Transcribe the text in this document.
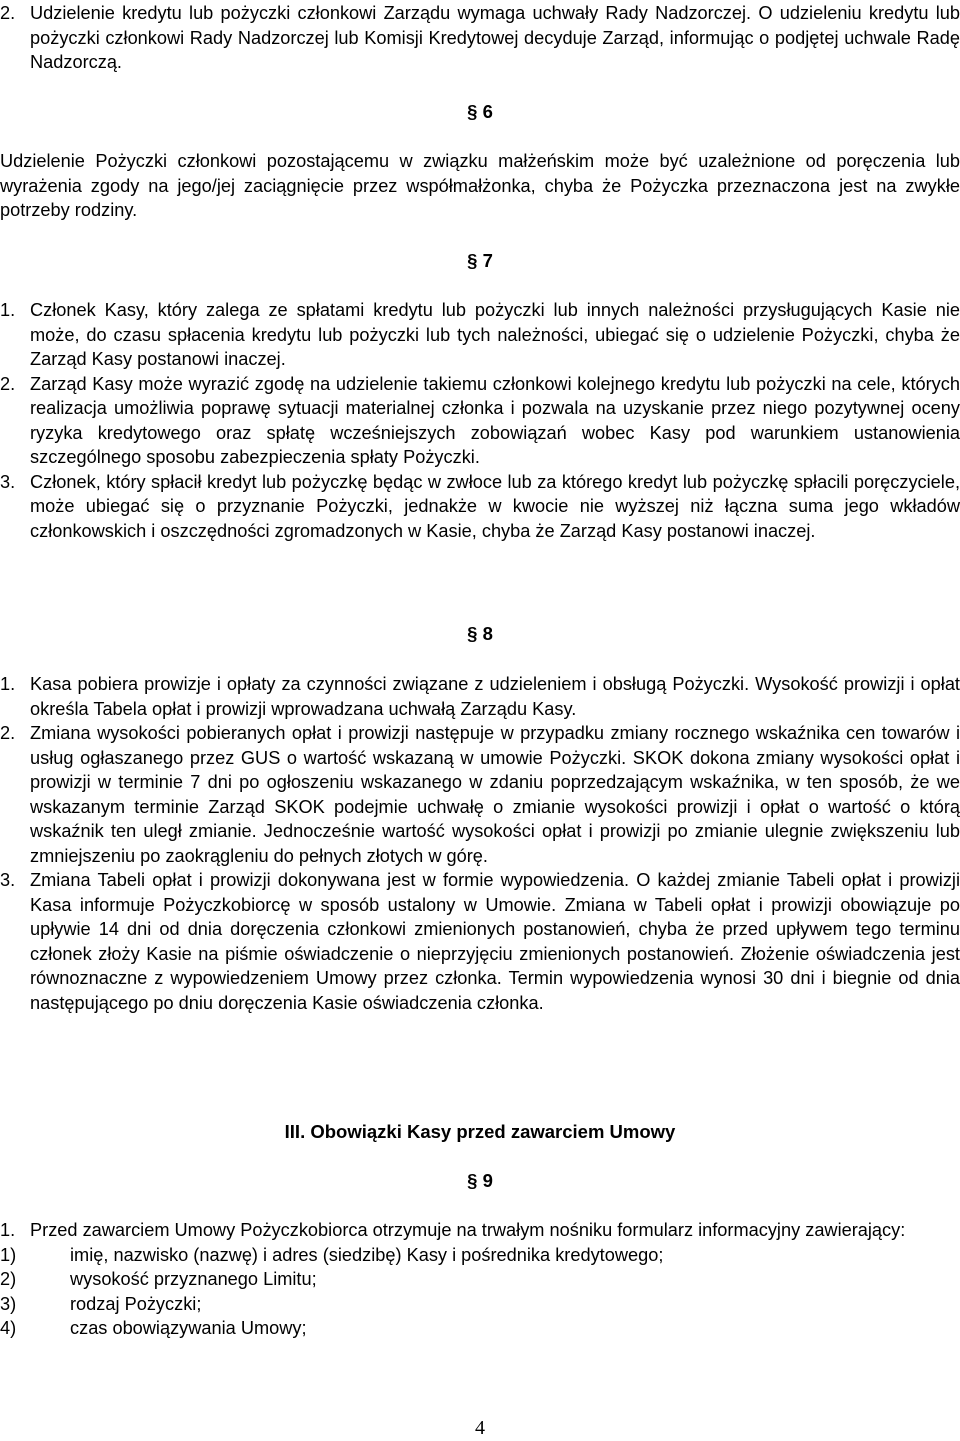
2. Udzielenie kredytu lub pożyczki członkowi Zarządu wymaga uchwały Rady Nadzorczej. O udzieleniu kredytu lub pożyczki członkowi Rady Nadzorczej lub Komisji Kredytowej decyduje Zarząd, informując o podjętej uchwale Radę Nadzorczą.
§ 6
Udzielenie Pożyczki członkowi pozostającemu w związku małżeńskim może być uzależnione od poręczenia lub wyrażenia zgody na jego/jej zaciągnięcie przez współmałżonka, chyba że Pożyczka przeznaczona jest na zwykłe potrzeby rodziny.
§ 7
1. Członek Kasy, który zalega ze spłatami kredytu lub pożyczki lub innych należności przysługujących Kasie nie może, do czasu spłacenia kredytu lub pożyczki lub tych należności, ubiegać się o udzielenie Pożyczki, chyba że Zarząd Kasy postanowi inaczej.
2. Zarząd Kasy może wyrazić zgodę na udzielenie takiemu członkowi kolejnego kredytu lub pożyczki na cele, których realizacja umożliwia poprawę sytuacji materialnej członka i pozwala na uzyskanie przez niego pozytywnej oceny ryzyka kredytowego oraz spłatę wcześniejszych zobowiązań wobec Kasy pod warunkiem ustanowienia szczególnego sposobu zabezpieczenia spłaty Pożyczki.
3. Członek, który spłacił kredyt lub pożyczkę będąc w zwłoce lub za którego kredyt lub pożyczkę spłacili poręczyciele, może ubiegać się o przyznanie Pożyczki, jednakże w kwocie nie wyższej niż łączna suma jego wkładów członkowskich i oszczędności zgromadzonych w Kasie, chyba że Zarząd Kasy postanowi inaczej.
§ 8
1. Kasa pobiera prowizje i opłaty za czynności związane z udzieleniem i obsługą Pożyczki. Wysokość prowizji i opłat określa Tabela opłat i prowizji wprowadzana uchwałą Zarządu Kasy.
2. Zmiana wysokości pobieranych opłat i prowizji następuje w przypadku zmiany rocznego wskaźnika cen towarów i usług ogłaszanego przez GUS o wartość wskazaną w umowie Pożyczki. SKOK dokona zmiany wysokości opłat i prowizji w terminie 7 dni po ogłoszeniu wskazanego w zdaniu poprzedzającym wskaźnika, w ten sposób, że we wskazanym terminie Zarząd SKOK podejmie uchwałę o zmianie wysokości prowizji i opłat o wartość o którą wskaźnik ten uległ zmianie. Jednocześnie wartość wysokości opłat i prowizji po zmianie ulegnie zwiększeniu lub zmniejszeniu po zaokrągleniu do pełnych złotych w górę.
3. Zmiana Tabeli opłat i prowizji dokonywana jest w formie wypowiedzenia. O każdej zmianie Tabeli opłat i prowizji Kasa informuje Pożyczkobiorcę w sposób ustalony w Umowie. Zmiana w Tabeli opłat i prowizji obowiązuje po upływie 14 dni od dnia doręczenia członkowi zmienionych postanowień, chyba że przed upływem tego terminu członek złoży Kasie na piśmie oświadczenie o nieprzyjęciu zmienionych postanowień. Złożenie oświadczenia jest równoznaczne z wypowiedzeniem Umowy przez członka. Termin wypowiedzenia wynosi 30 dni i biegnie od dnia następującego po dniu doręczenia Kasie oświadczenia członka.
III. Obowiązki Kasy przed zawarciem Umowy
§ 9
1. Przed zawarciem Umowy Pożyczkobiorca otrzymuje na trwałym nośniku formularz informacyjny zawierający:
1)	imię, nazwisko (nazwę) i adres (siedzibę) Kasy i pośrednika kredytowego;
2)	wysokość przyznanego Limitu;
3)	rodzaj Pożyczki;
4)	czas obowiązywania Umowy;
4
